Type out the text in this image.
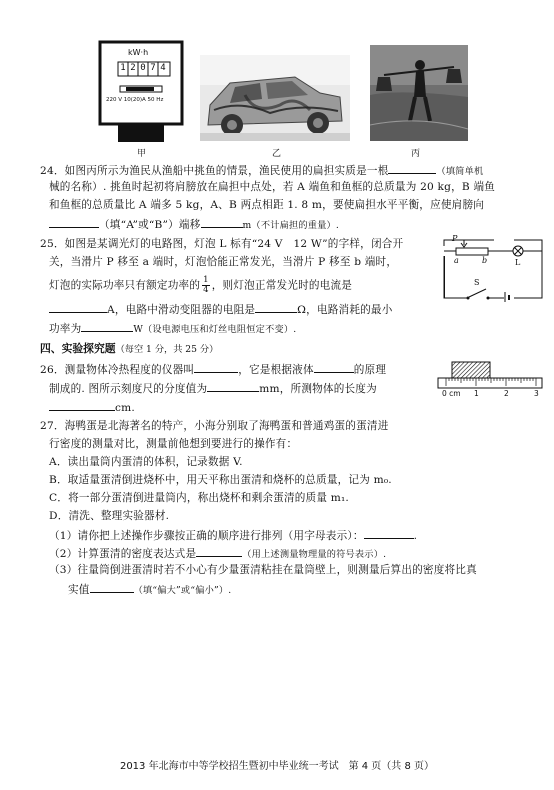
kW·h
1 2 0 7 4
220 V 10(20)A 50 Hz
甲	乙	丙
24．如图丙所示为渔民从渔船中挑鱼的情景，渔民使用的扁担实质是一根	（填简单机
械的名称）. 挑鱼时起初将肩膀放在扁担中点处，若 A 端鱼和鱼框的总质量为 20 kg，B 端鱼
和鱼框的总质量比 A 端多 5 kg，A、B 两点相距 1. 8 m，要使扁担水平平衡，应使肩膀向
（填“A”或“B”）端移	m（不计扁担的重量）.
25．如图是某调光灯的电路图，灯泡 L 标有“24 V　12 W”的字样，闭合开
关，当滑片 P 移至 a 端时，灯泡恰能正常发光，当滑片 P 移至 b 端时，
灯泡的实际功率只有额定功率的 $\frac{1}{4}$ ，则灯泡正常发光时的电流是
A，电路中滑动变阻器的电阻是	Ω，电路消耗的最小
功率为	W（设电源电压和灯丝电阻恒定不变）.
P
a	b	L
S
四、实验探究题（每空 1 分，共 25 分）
26．测量物体冷热程度的仪器叫	，它是根据液体	的原理
制成的. 图所示刻度尺的分度值为	mm，所测物体的长度为
cm.
0 cm 1	2	3
27．海鸭蛋是北海著名的特产，小海分别取了海鸭蛋和普通鸡蛋的蛋清进
行密度的测量对比，测量前他想到要进行的操作有：
A．读出量筒内蛋清的体积，记录数据 V.
B．取适量蛋清倒进烧杯中，用天平称出蛋清和烧杯的总质量，记为 m₀.
C．将一部分蛋清倒进量筒内，称出烧杯和剩余蛋清的质量 m₁.
D．清洗、整理实验器材.
（1）请你把上述操作步骤按正确的顺序进行排列（用字母表示）：	.
（2）计算蛋清的密度表达式是	（用上述测量物理量的符号表示）.
（3）往量筒倒进蛋清时若不小心有少量蛋清粘挂在量筒壁上，则测量后算出的密度将比真
实值	（填“偏大”或“偏小”）.
2013 年北海市中等学校招生暨初中毕业统一考试　第 4 页（共 8 页）
